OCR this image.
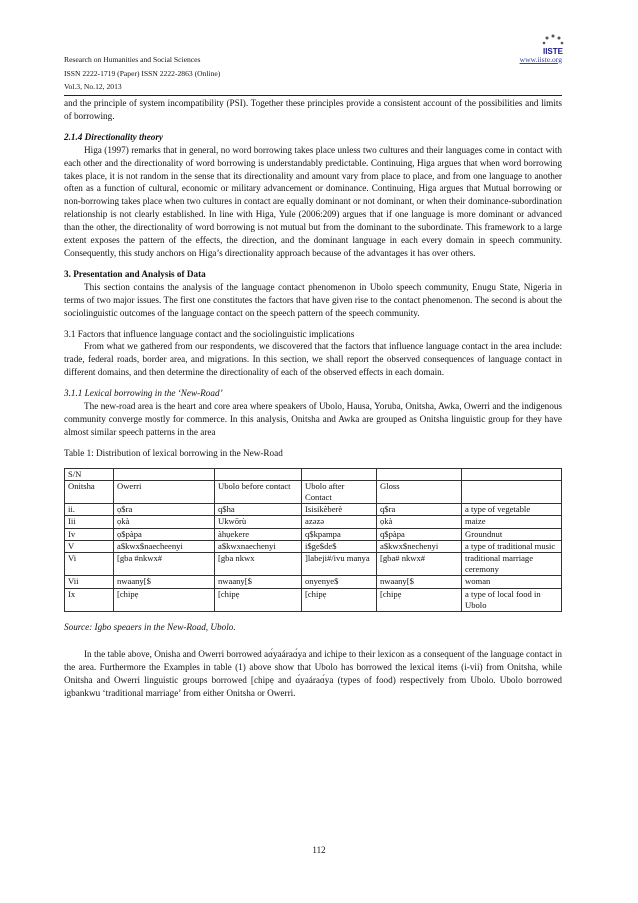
Research on Humanities and Social Sciences
ISSN 2222-1719 (Paper) ISSN 2222-2863 (Online)
Vol.3, No.12, 2013
www.iiste.org
IISTE

and the principle of system incompatibility (PSI). Together these principles provide a consistent account of the possibilities and limits of borrowing.

2.1.4 Directionality theory

Higa (1997) remarks that in general, no word borrowing takes place unless two cultures and their languages come in contact with each other and the directionality of word borrowing is understandably predictable. Continuing, Higa argues that when word borrowing takes place, it is not random in the sense that its directionality and amount vary from place to place, and from one language to another often as a function of cultural, economic or military advancement or dominance. Continuing, Higa argues that Mutual borrowing or non-borrowing takes place when two cultures in contact are equally dominant or not dominant, or when their dominance-subordination relationship is not clearly established. In line with Higa, Yule (2006:209) argues that if one language is more dominant or advanced than the other, the directionality of word borrowing is not mutual but from the dominant to the subordinate. This framework to a large extent exposes the pattern of the effects, the direction, and the dominant language in each every domain in speech community. Consequently, this study anchors on Higa’s directionality approach because of the advantages it has over others.

3. Presentation and Analysis of Data

This section contains the analysis of the language contact phenomenon in Ubolo speech community, Enugu State, Nigeria in terms of two major issues. The first one constitutes the factors that have given rise to the contact phenomenon. The second is about the sociolinguistic outcomes of the language contact on the speech pattern of the speech community.

3.1 Factors that influence language contact and the sociolinguistic implications

From what we gathered from our respondents, we discovered that the factors that influence language contact in the area include: trade, federal roads, border area, and migrations. In this section, we shall report the observed consequences of language contact in different domains, and then determine the directionality of each of the observed effects in each domain.

3.1.1 Lexical borrowing in the ‘New-Road’

The new-road area is the heart and core area where speakers of Ubolo, Hausa, Yoruba, Onitsha, Awka, Owerri and the indigenous community converge mostly for commerce. In this analysis, Onitsha and Awka are grouped as Onitsha linguistic group for they have almost similar speech patterns in the area

Table 1: Distribution of lexical borrowing in the New-Road

S/N					
Onitsha	Owerri	Ubolo before contact	Ubolo after Contact	Gloss	
ii.	ọ$ra	q$ha	Isisikèberè	q$ra	a type of vegetable
Iii	ọkà	Ukwōrù	azəzə	ọkà	maize
Iv	ọ$pàpa	àhụekere	q$kpampa	q$pàpa	Groundnut
V	a$kwx$naecheenyi	a$kwxnaechenyi	i$ge$de$	a$kwx$nechenyi	a type of traditional music
Vi	[gba #nkwx#	[gba nkwx	]labeji#/ivu manya	[gba# nkwx#	traditional marriage ceremony
Vii	nwaany[$	nwaany[$	onyenye$	nwaany[$	woman
Ix	[chipẹ	[chipẹ	[chipẹ	[chipẹ	a type of local food in Ubolo

Source: Igbo speaers in the New-Road, Ubolo.

In the table above, Onisha and Owerri borrowed aɑ́yaáraɑ́ya and ichipe to their lexicon as a consequent of the language contact in the area. Furthermore the Examples in table (1) above show that Ubolo has borrowed the lexical items (i-vii) from Onitsha, while Onitsha and Owerri linguistic groups borrowed [chipẹ and ɑ́yaáraɑ́ya (types of food) respectively from Ubolo. Ubolo borrowed igbankwu ‘traditional marriage’ from either Onitsha or Owerri.

112
